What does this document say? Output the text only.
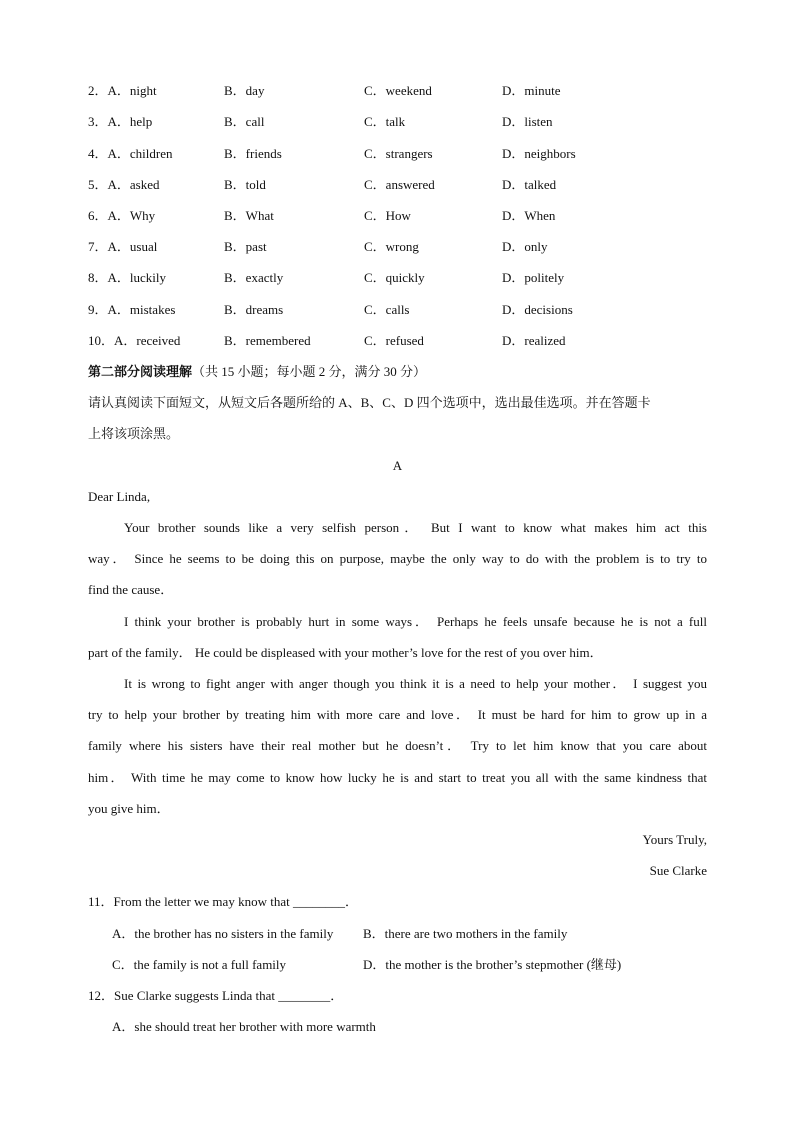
2．A．night	B．day	C．weekend	D．minute
3．A．help	B．call	C．talk	D．listen
4．A．children	B．friends	C．strangers	D．neighbors
5．A．asked	B．told	C．answered	D．talked
6．A．Why	B．What	C．How	D．When
7．A．usual	B．past	C．wrong	D．only
8．A．luckily	B．exactly	C．quickly	D．politely
9．A．mistakes	B．dreams	C．calls	D．decisions
10．A．received	B．remembered	C．refused	D．realized
第二部分阅读理解（共 15 小题；每小题 2 分，满分 30 分）
请认真阅读下面短文，从短文后各题所给的 A、B、C、D 四个选项中，选出最佳选项。并在答题卡
上将该项涂黑。
A
Dear Linda,
Your brother sounds like a very selfish person． But I want to know what makes him act this
way． Since he seems to be doing this on purpose, maybe the only way to do with the problem is to try to
find the cause．
I think your brother is probably hurt in some ways． Perhaps he feels unsafe because he is not a full
part of the family． He could be displeased with your mother’s love for the rest of you over him．
It is wrong to fight anger with anger though you think it is a need to help your mother． I suggest you
try to help your brother by treating him with more care and love． It must be hard for him to grow up in a
family where his sisters have their real mother but he doesn’t． Try to let him know that you care about
him． With time he may come to know how lucky he is and start to treat you all with the same kindness that
you give him．
Yours Truly,
Sue Clarke
11．From the letter we may know that ________．
A．the brother has no sisters in the family B．there are two mothers in the family
C．the family is not a full family	D．the mother is the brother’s stepmother (继母)
12．Sue Clarke suggests Linda that ________．
A．she should treat her brother with more warmth
